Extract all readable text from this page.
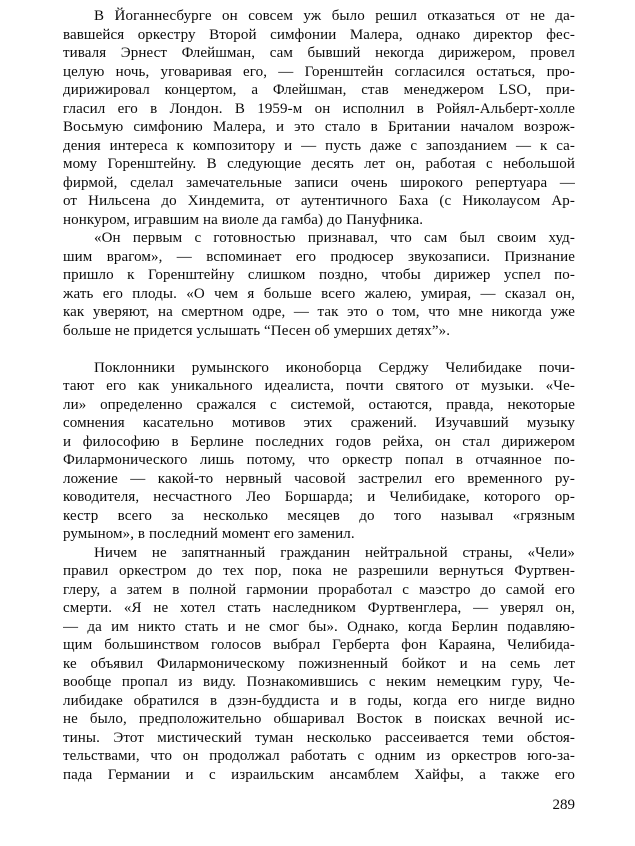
В Йоганнесбурге он совсем уж было решил отказаться от не да-
вавшейся оркестру Второй симфонии Малера, однако директор фес-
тиваля Эрнест Флейшман, сам бывший некогда дирижером, провел
целую ночь, уговаривая его, — Горенштейн согласился остаться, про-
дирижировал концертом, а Флейшман, став менеджером LSO, при-
гласил его в Лондон. В 1959-м он исполнил в Ройял-Альберт-холле
Восьмую симфонию Малера, и это стало в Британии началом возрож-
дения интереса к композитору и — пусть даже с запозданием — к са-
мому Горенштейну. В следующие десять лет он, работая с небольшой
фирмой, сделал замечательные записи очень широкого репертуара —
от Нильсена до Хиндемита, от аутентичного Баха (с Николаусом Ар-
нонкуром, игравшим на виоле да гамба) до Пануфника.
«Он первым с готовностью признавал, что сам был своим худ-
шим врагом», — вспоминает его продюсер звукозаписи. Признание
пришло к Горенштейну слишком поздно, чтобы дирижер успел по-
жать его плоды. «О чем я больше всего жалею, умирая, — сказал он,
как уверяют, на смертном одре, — так это о том, что мне никогда уже
больше не придется услышать “Песен об умерших детях”».
Поклонники румынского иконоборца Серджу Челибидаке почи-
тают его как уникального идеалиста, почти святого от музыки. «Че-
ли» определенно сражался с системой, остаются, правда, некоторые
сомнения касательно мотивов этих сражений. Изучавший музыку
и философию в Берлине последних годов рейха, он стал дирижером
Филармонического лишь потому, что оркестр попал в отчаянное по-
ложение — какой-то нервный часовой застрелил его временного ру-
ководителя, несчастного Лео Боршарда; и Челибидаке, которого ор-
кестр всего за несколько месяцев до того называл «грязным
румыном», в последний момент его заменил.
Ничем не запятнанный гражданин нейтральной страны, «Чели»
правил оркестром до тех пор, пока не разрешили вернуться Фуртвен-
глеру, а затем в полной гармонии проработал с маэстро до самой его
смерти. «Я не хотел стать наследником Фуртвенглера, — уверял он,
— да им никто стать и не смог бы». Однако, когда Берлин подавляю-
щим большинством голосов выбрал Герберта фон Караяна, Челибида-
ке объявил Филармоническому пожизненный бойкот и на семь лет
вообще пропал из виду. Познакомившись с неким немецким гуру, Че-
либидаке обратился в дзэн-буддиста и в годы, когда его нигде видно
не было, предположительно обшаривал Восток в поисках вечной ис-
тины. Этот мистический туман несколько рассеивается теми обстоя-
тельствами, что он продолжал работать с одним из оркестров юго-за-
пада Германии и с израильским ансамблем Хайфы, а также его
289
